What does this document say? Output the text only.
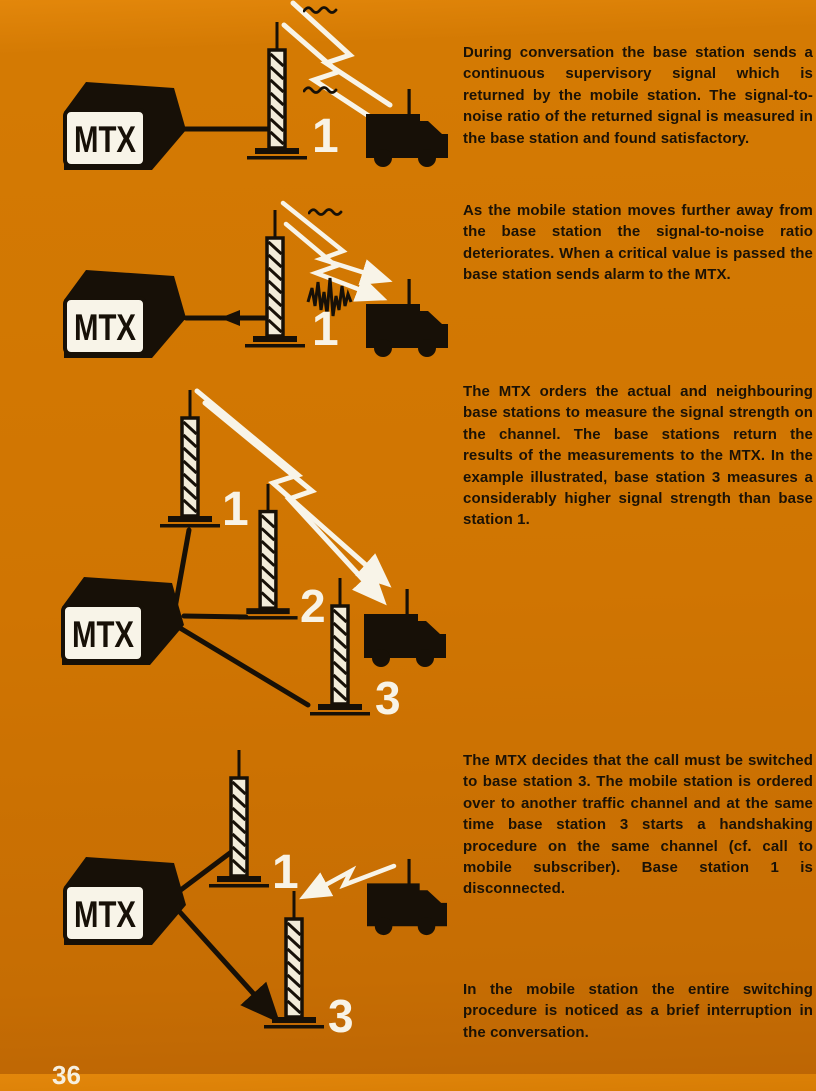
MTX	1
MTX	1
MTX
1
2
3
MTX
1
3
During conversation the base station sends a continuous supervisory signal which is returned by the mobile station. The signal-to-noise ratio of the returned signal is measured in the base station and found satisfactory.
As the mobile station moves further away from the base station the signal-to-noise ratio deteriorates. When a critical value is passed the base station sends alarm to the MTX.
The MTX orders the actual and neighbouring base stations to measure the signal strength on the channel. The base stations return the results of the measurements to the MTX. In the example illustrated, base station 3 measures a considerably higher signal strength than base station 1.
The MTX decides that the call must be switched to base station 3. The mobile station is ordered over to another traffic channel and at the same time base station 3 starts a handshaking procedure on the same channel (cf. call to mobile subscriber). Base station 1 is disconnected.
In the mobile station the entire switching procedure is noticed as a brief interruption in the conversation.
36
